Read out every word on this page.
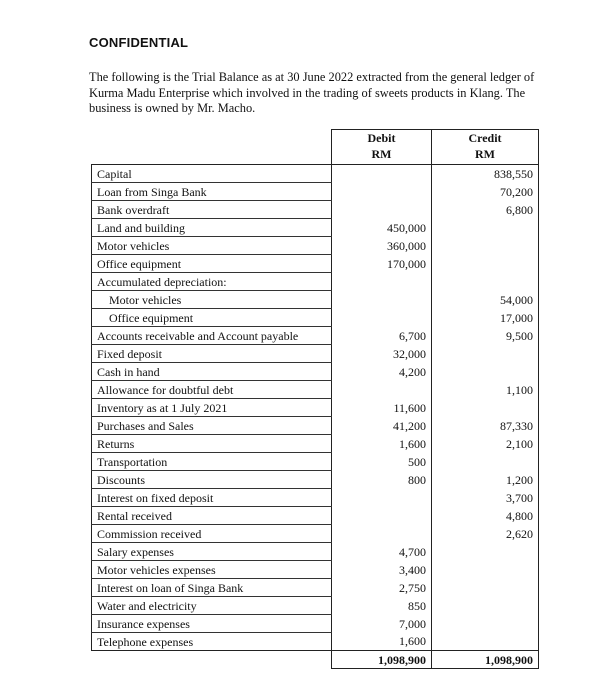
CONFIDENTIAL
The following is the Trial Balance as at 30 June 2022 extracted from the general ledger of Kurma Madu Enterprise which involved in the trading of sweets products in Klang. The business is owned by Mr. Macho.
	Debit	Credit
	RM	RM
Capital		838,550
Loan from Singa Bank		70,200
Bank overdraft		6,800
Land and building	450,000	
Motor vehicles	360,000	
Office equipment	170,000	
Accumulated depreciation:		
Motor vehicles		54,000
Office equipment		17,000
Accounts receivable and Account payable	6,700	9,500
Fixed deposit	32,000	
Cash in hand	4,200	
Allowance for doubtful debt		1,100
Inventory as at 1 July 2021	11,600	
Purchases and Sales	41,200	87,330
Returns	1,600	2,100
Transportation	500	
Discounts	800	1,200
Interest on fixed deposit		3,700
Rental received		4,800
Commission received		2,620
Salary expenses	4,700	
Motor vehicles expenses	3,400	
Interest on loan of Singa Bank	2,750	
Water and electricity	850	
Insurance expenses	7,000	
Telephone expenses	1,600	
	1,098,900	1,098,900
